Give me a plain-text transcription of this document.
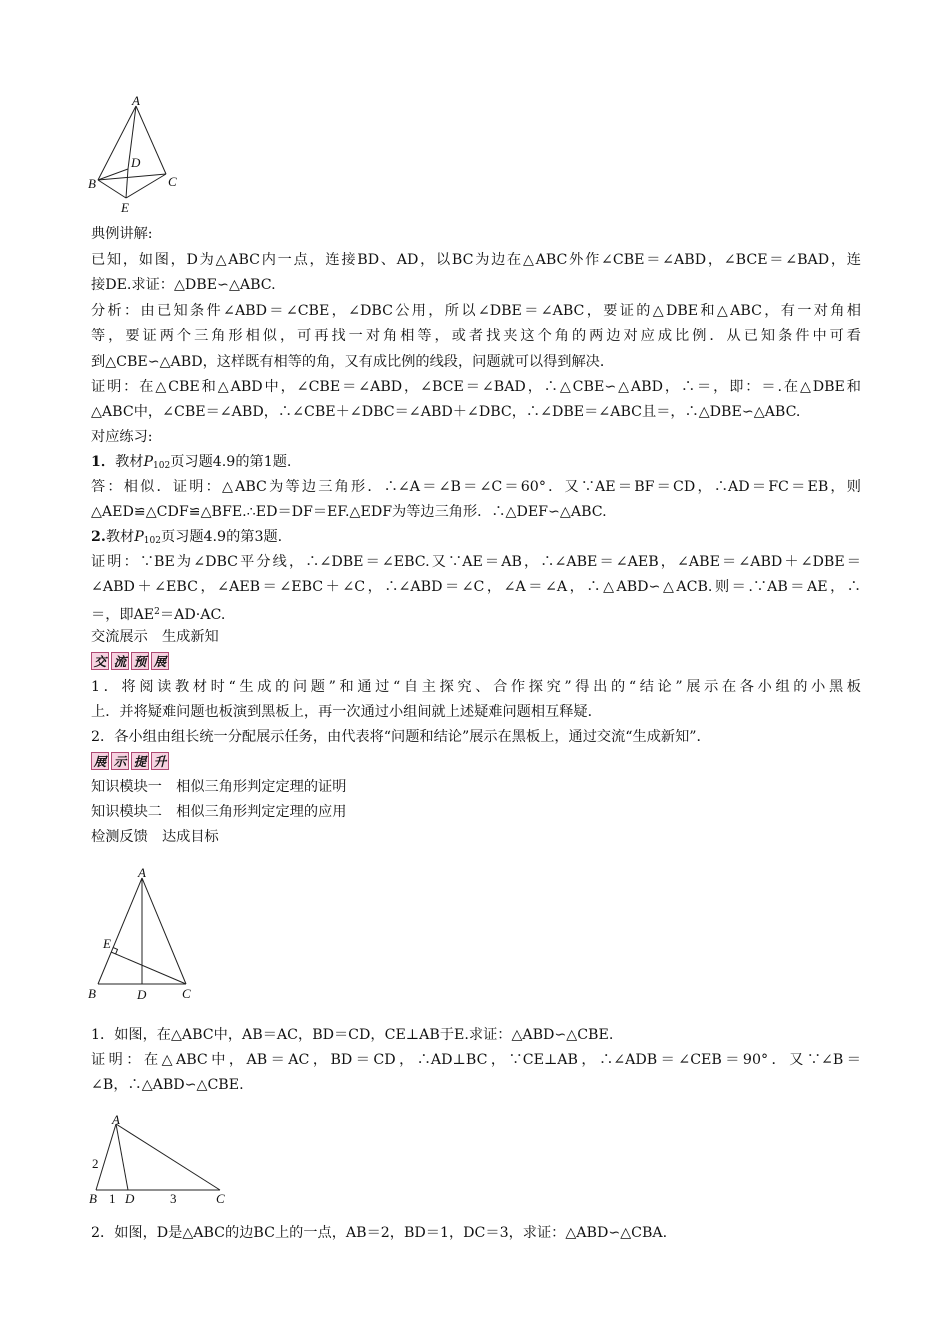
A
B	C
D
E
典例讲解:
已知，如图，D为△ABC内一点，连接BD、AD，以BC为边在△ABC外作∠CBE＝∠ABD，∠BCE＝∠BAD，连
接DE.求证：△DBE∽△ABC.
分析：由已知条件∠ABD＝∠CBE，∠DBC公用，所以∠DBE＝∠ABC，要证的△DBE和△ABC，有一对角相
等，要证两个三角形相似，可再找一对角相等，或者找夹这个角的两边对应成比例．从已知条件中可看
到△CBE∽△ABD，这样既有相等的角，又有成比例的线段，问题就可以得到解决．
证明：在△CBE和△ABD中，∠CBE＝∠ABD，∠BCE＝∠BAD，∴△CBE∽△ABD，∴＝，即：＝.在△DBE和
△ABC中，∠CBE＝∠ABD，∴∠CBE＋∠DBC＝∠ABD＋∠DBC，∴∠DBE＝∠ABC且＝，∴△DBE∽△ABC.
对应练习:
1．教材$P_{102}$页习题4.9的第1题.
答：相似．证明：△ABC为等边三角形．∴∠A＝∠B＝∠C＝60°．又∵AE＝BF＝CD，∴AD＝FC＝EB，则
△AED≌△CDF≌△BFE.∴ED＝DF＝EF.△EDF为等边三角形．∴△DEF∽△ABC.
2.教材$P_{102}$页习题4.9的第3题.
证明：∵BE为∠DBC平分线，∴∠DBE＝∠EBC.又∵AE＝AB，∴∠ABE＝∠AEB，∠ABE＝∠ABD＋∠DBE＝
∠ABD＋∠EBC，∠AEB＝∠EBC＋∠C，∴∠ABD＝∠C，∠A＝∠A，∴△ABD∽△ACB.则＝.∵AB＝AE，∴
＝，即$AE^2=AD\cdot AC$.
交流展示　生成新知
交 流 预 展
1．将阅读教材时“生成的问题”和通过“自主探究、合作探究”得出的“结论”展示在各小组的小黑板
上．并将疑难问题也板演到黑板上，再一次通过小组间就上述疑难问题相互释疑．
2．各小组由组长统一分配展示任务，由代表将“问题和结论”展示在黑板上，通过交流“生成新知”．
展 示 提 升
知识模块一　相似三角形判定定理的证明
知识模块二　相似三角形判定定理的应用
检测反馈　达成目标
A
E
B	D	C
1．如图，在△ABC中，AB＝AC，BD＝CD，CE⊥AB于E.求证：△ABD∽△CBE.
证明：在△ABC中，AB＝AC，BD＝CD，∴AD⊥BC，∵CE⊥AB，∴∠ADB＝∠CEB＝90°．又∵∠B＝
∠B，∴△ABD∽△CBE.
A
2
B 1 D	3	C
2．如图，D是△ABC的边BC上的一点，AB＝2，BD＝1，DC＝3，求证：△ABD∽△CBA.
